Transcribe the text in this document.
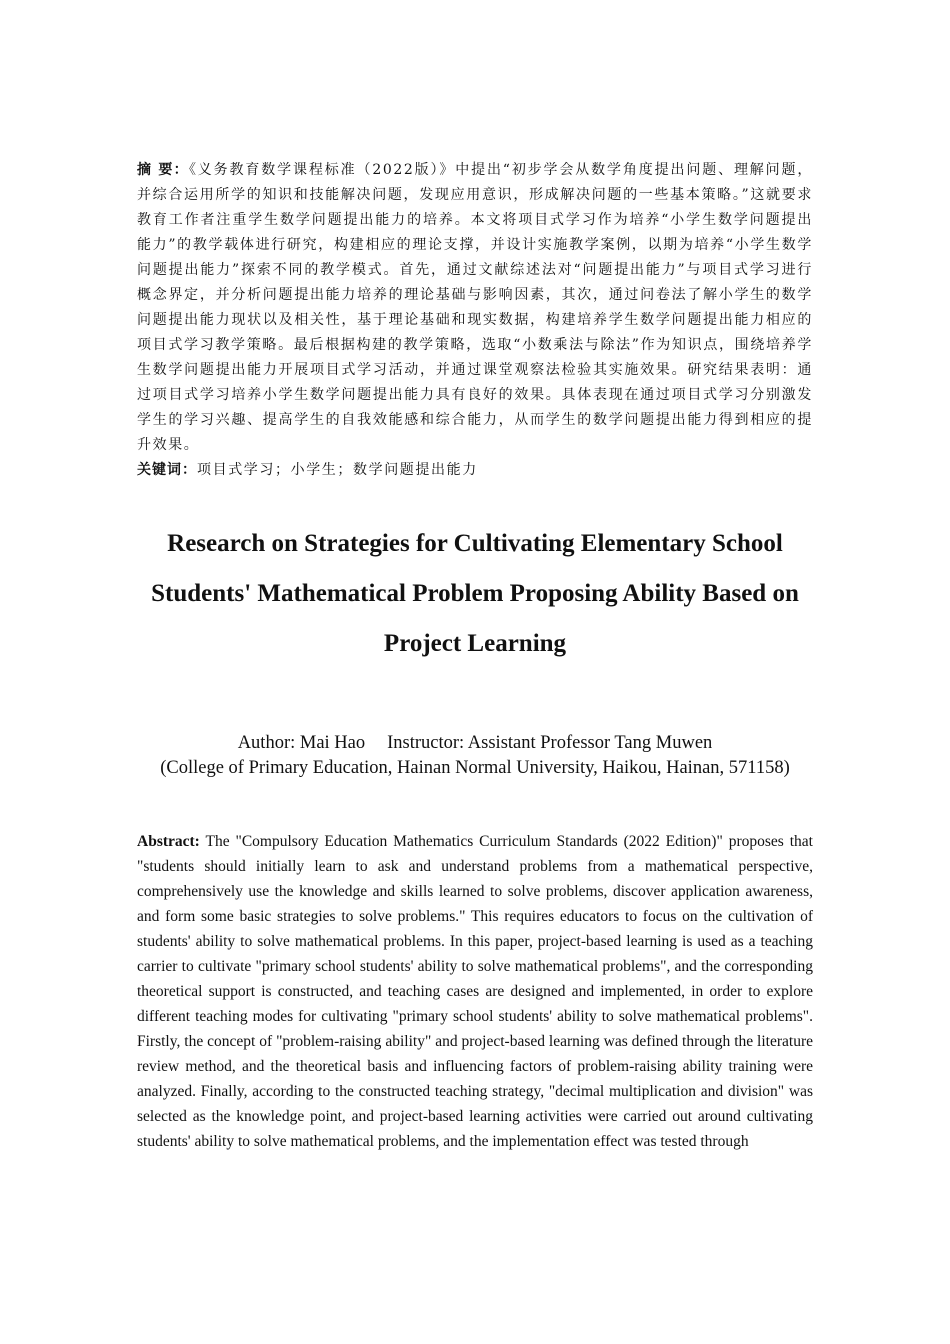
摘 要：《义务教育数学课程标准（2022版）》中提出“初步学会从数学角度提出问题、理解问题，并综合运用所学的知识和技能解决问题，发现应用意识，形成解决问题的一些基本策略。”这就要求教育工作者注重学生数学问题提出能力的培养。本文将项目式学习作为培养“小学生数学问题提出能力”的教学载体进行研究，构建相应的理论支撑，并设计实施教学案例，以期为培养“小学生数学问题提出能力”探索不同的教学模式。首先，通过文献综述法对“问题提出能力”与项目式学习进行概念界定，并分析问题提出能力培养的理论基础与影响因素，其次，通过问卷法了解小学生的数学问题提出能力现状以及相关性，基于理论基础和现实数据，构建培养学生数学问题提出能力相应的项目式学习教学策略。最后根据构建的教学策略，选取“小数乘法与除法”作为知识点，围绕培养学生数学问题提出能力开展项目式学习活动，并通过课堂观察法检验其实施效果。研究结果表明：通过项目式学习培养小学生数学问题提出能力具有良好的效果。具体表现在通过项目式学习分别激发学生的学习兴趣、提高学生的自我效能感和综合能力，从而学生的数学问题提出能力得到相应的提升效果。

关键词：项目式学习；小学生；数学问题提出能力

Research on Strategies for Cultivating Elementary School Students' Mathematical Problem Proposing Ability Based on Project Learning

Author: Mai Hao Instructor: Assistant Professor Tang Muwen

(College of Primary Education, Hainan Normal University, Haikou, Hainan, 571158)

Abstract: The "Compulsory Education Mathematics Curriculum Standards (2022 Edition)" proposes that "students should initially learn to ask and understand problems from a mathematical perspective, comprehensively use the knowledge and skills learned to solve problems, discover application awareness, and form some basic strategies to solve problems." This requires educators to focus on the cultivation of students' ability to solve mathematical problems. In this paper, project-based learning is used as a teaching carrier to cultivate "primary school students' ability to solve mathematical problems", and the corresponding theoretical support is constructed, and teaching cases are designed and implemented, in order to explore different teaching modes for cultivating "primary school students' ability to solve mathematical problems". Firstly, the concept of "problem-raising ability" and project-based learning was defined through the literature review method, and the theoretical basis and influencing factors of problem-raising ability training were analyzed. Finally, according to the constructed teaching strategy, "decimal multiplication and division" was selected as the knowledge point, and project-based learning activities were carried out around cultivating students' ability to solve mathematical problems, and the implementation effect was tested through
